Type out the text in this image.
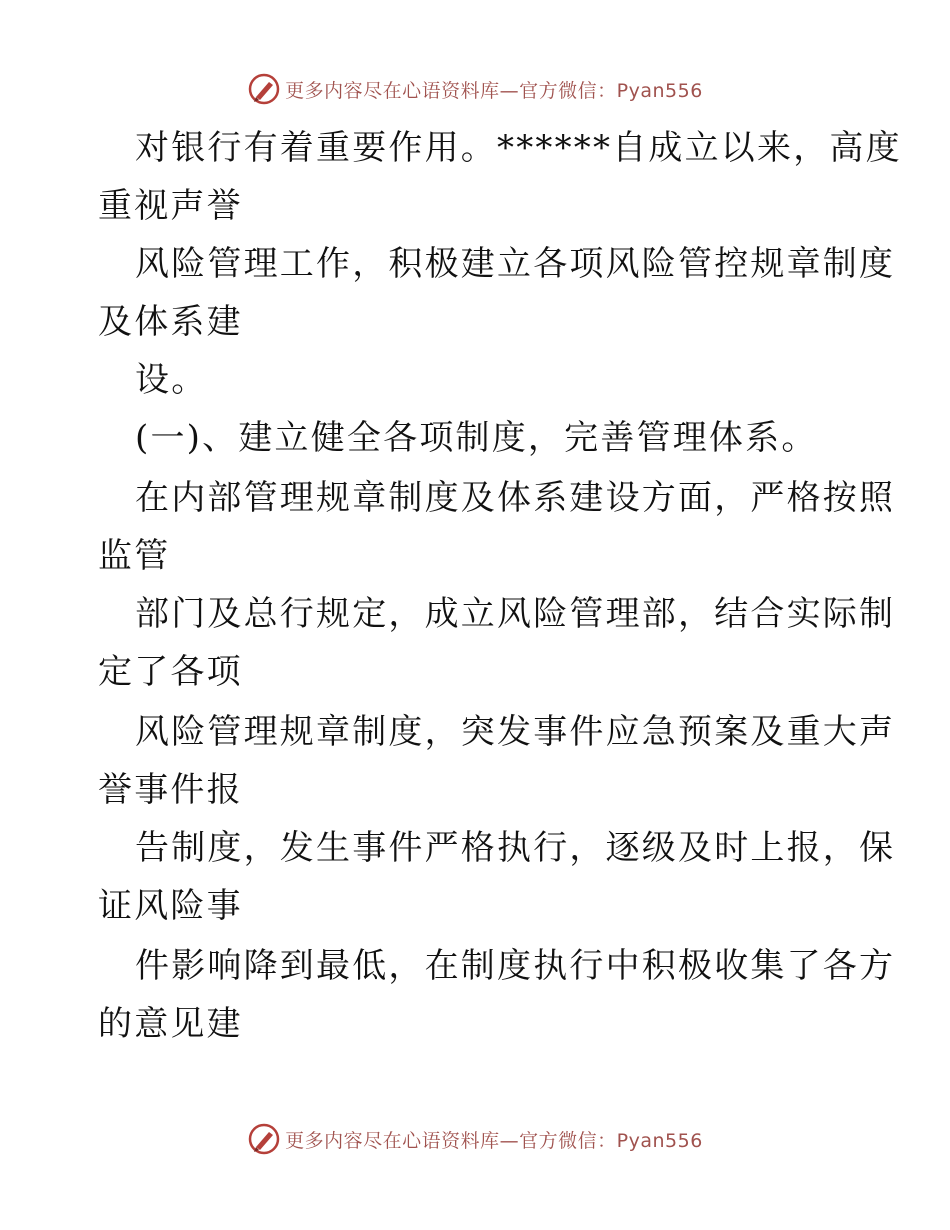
更多内容尽在心语资料库—官方微信：Pyan556
对银行有着重要作用。******自成立以来，高度
重视声誉
风险管理工作，积极建立各项风险管控规章制度
及体系建
设。
(一)、建立健全各项制度，完善管理体系。
在内部管理规章制度及体系建设方面，严格按照
监管
部门及总行规定，成立风险管理部，结合实际制
定了各项
风险管理规章制度，突发事件应急预案及重大声
誉事件报
告制度，发生事件严格执行，逐级及时上报，保
证风险事
件影响降到最低，在制度执行中积极收集了各方
的意见建
更多内容尽在心语资料库—官方微信：Pyan556
